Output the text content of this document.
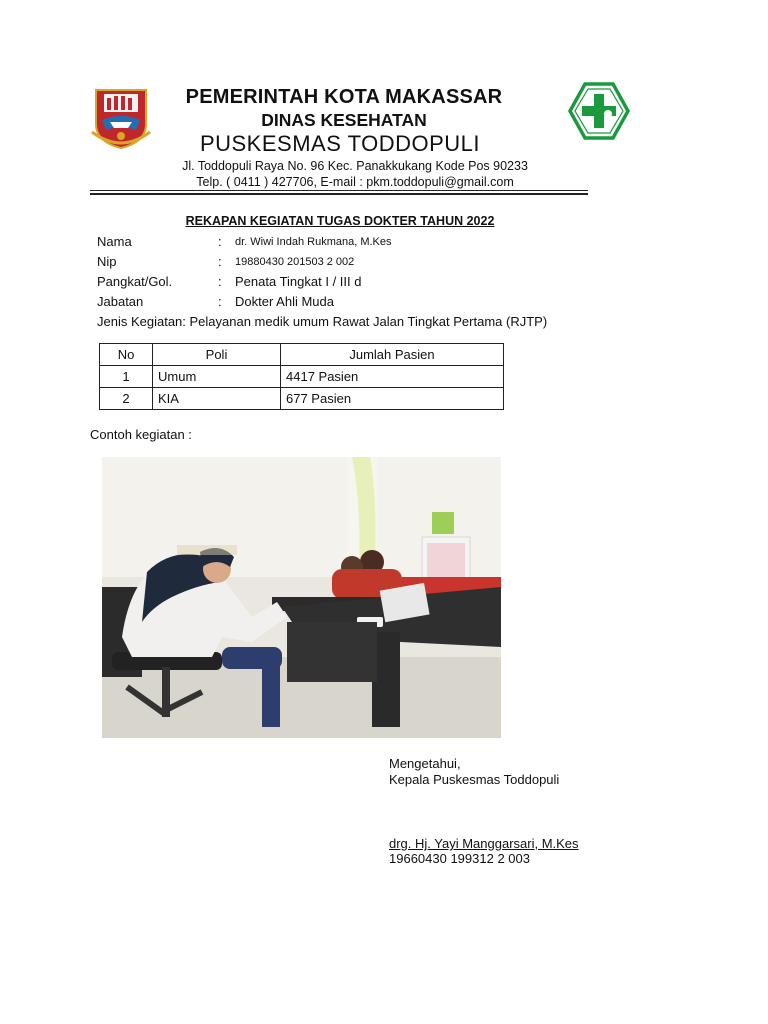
PEMERINTAH KOTA MAKASSAR
DINAS KESEHATAN
PUSKESMAS TODDOPULI
Jl. Toddopuli Raya No. 96 Kec. Panakkukang Kode Pos 90233
Telp. ( 0411 ) 427706, E-mail : pkm.toddopuli@gmail.com
REKAPAN KEGIATAN TUGAS DOKTER TAHUN 2022
Nama	: dr. Wiwi Indah Rukmana, M.Kes
Nip	: 19880430 201503 2 002
Pangkat/Gol.	: Penata Tingkat I / III d
Jabatan	: Dokter Ahli Muda
Jenis Kegiatan: Pelayanan medik umum Rawat Jalan Tingkat Pertama (RJTP)
No	Poli	Jumlah Pasien
1	Umum	4417 Pasien
2	KIA	677 Pasien
Contoh kegiatan :
Mengetahui,
Kepala Puskesmas Toddopuli
drg. Hj. Yayi Manggarsari, M.Kes
19660430 199312 2 003
